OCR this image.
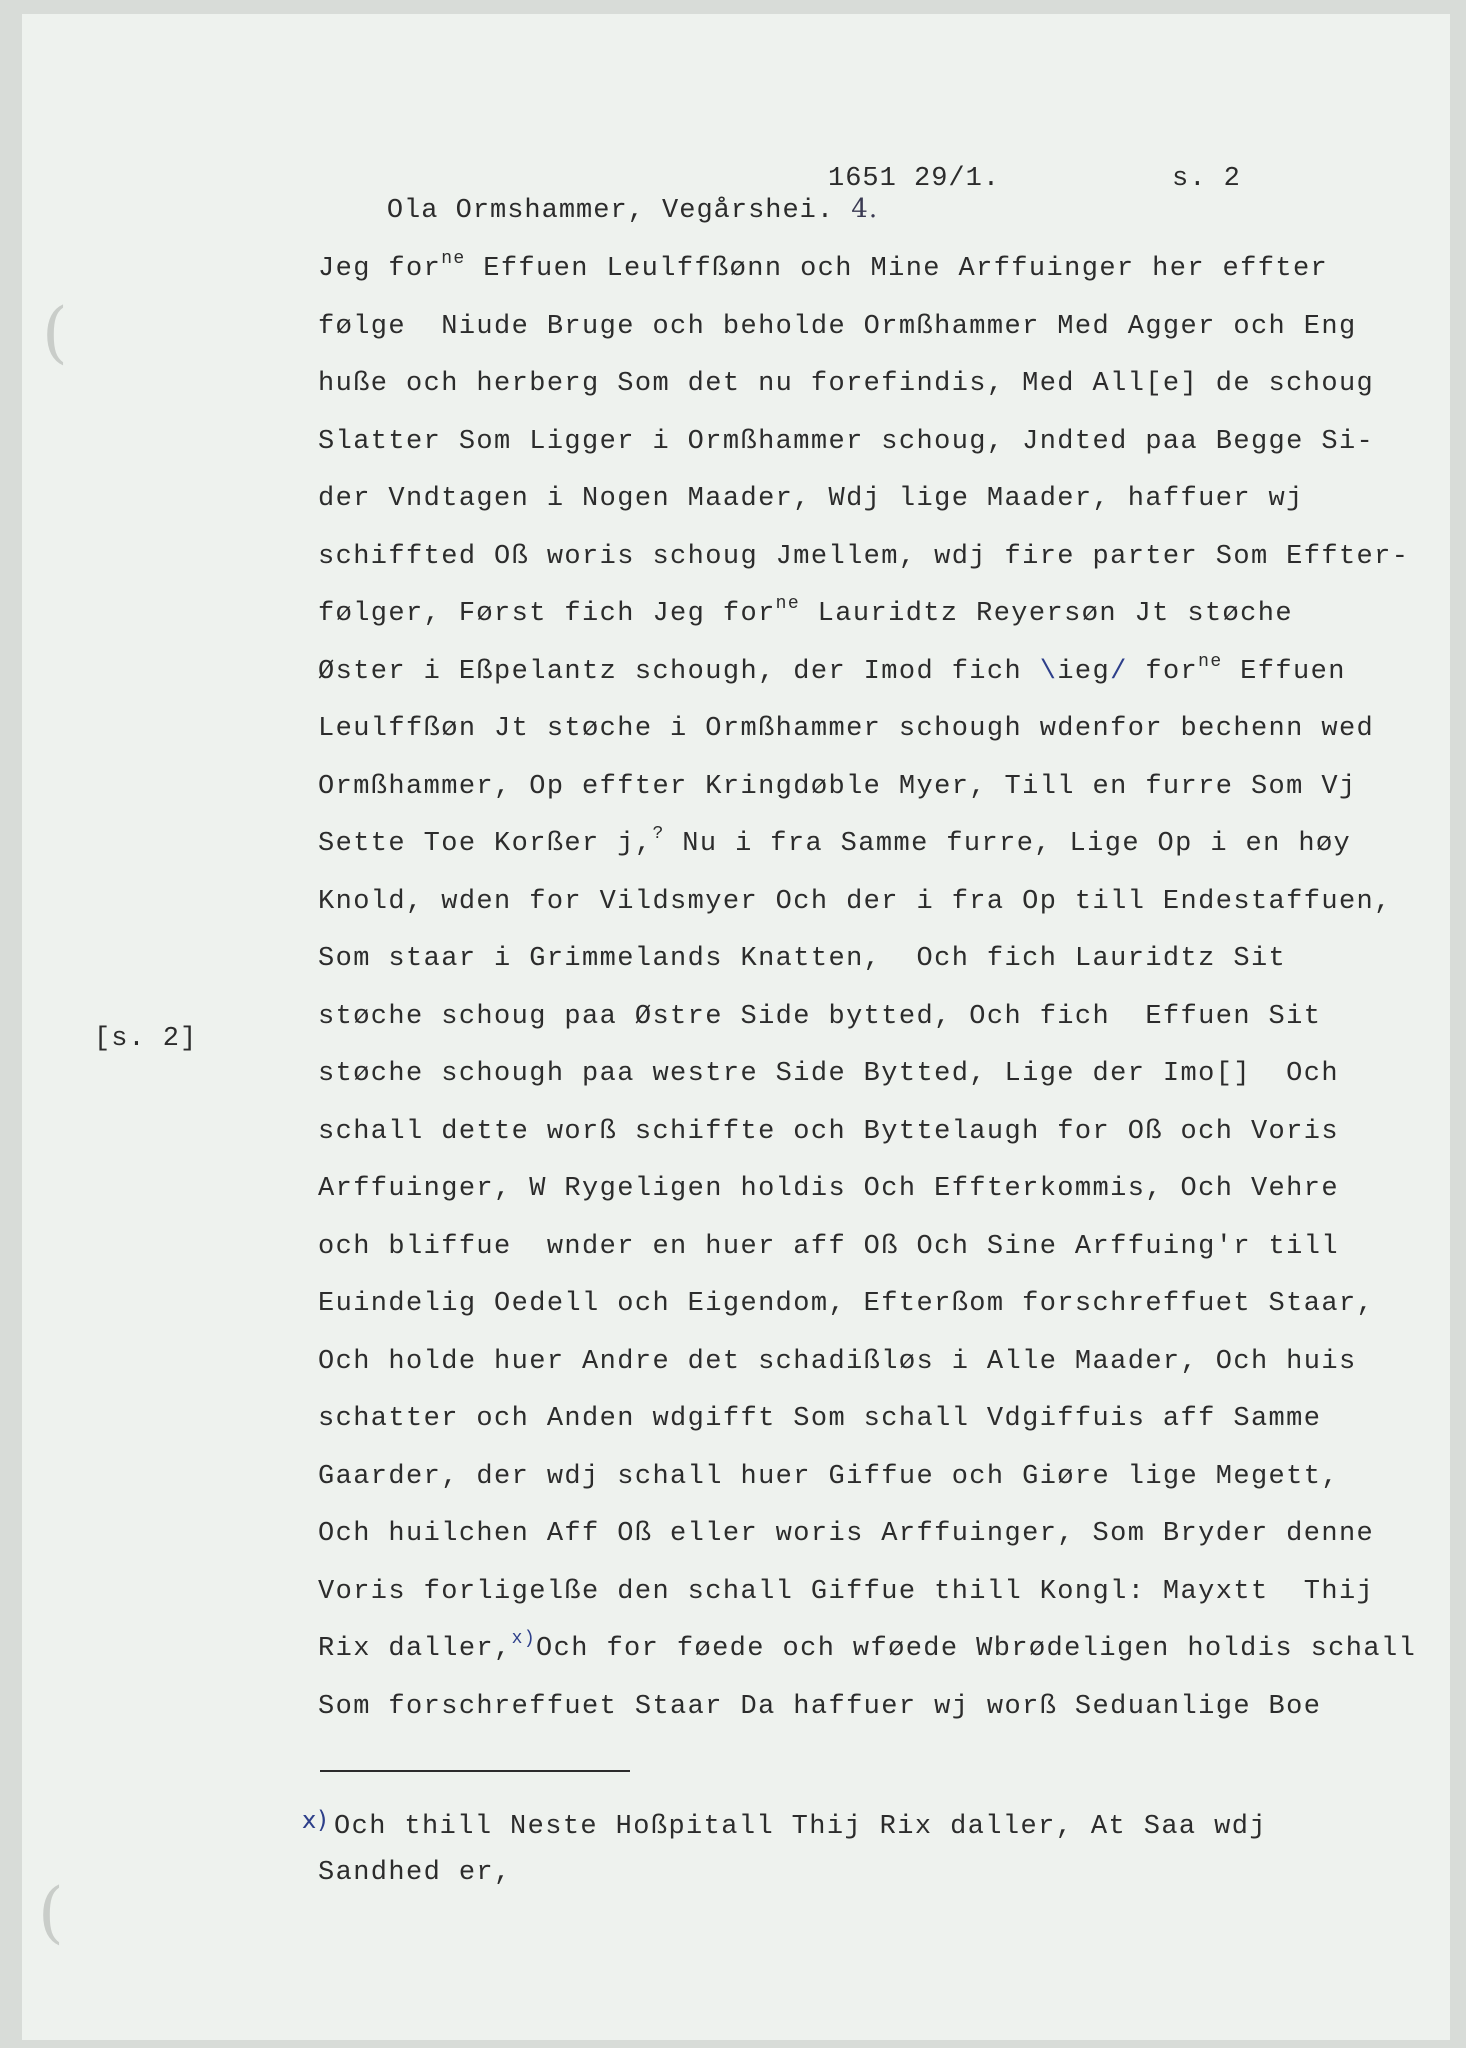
(
(

Ola Ormshammer, Vegårshei. 4.

1651 29/1.	s. 2
[s. 2]
Jeg for$^{ne}$ Effuen Leulffßønn och Mine Arffuinger her effter
følge  Niude Bruge och beholde Ormßhammer Med Agger och Eng
huße och herberg Som det nu forefindis, Med All[e] de schoug
Slatter Som Ligger i Ormßhammer schoug, Jndted paa Begge Si-
der Vndtagen i Nogen Maader, Wdj lige Maader, haffuer wj
schiffted Oß woris schoug Jmellem, wdj fire parter Som Effter-
følger, Først fich Jeg for$^{ne}$ Lauridtz Reyersøn Jt støche
Øster i Eßpelantz schough, der Imod fich \ieg/ for$^{ne}$ Effuen
Leulffßøn Jt støche i Ormßhammer schough wdenfor bechenn wed
Ormßhammer, Op effter Kringdøble Myer, Till en furre Som Vj
Sette Toe Korßer j,? Nu i fra Samme furre, Lige Op i en høy
Knold, wden for Vildsmyer Och der i fra Op till Endestaffuen,
Som staar i Grimmelands Knatten,  Och fich Lauridtz Sit
støche schoug paa Østre Side bytted, Och fich  Effuen Sit
støche schough paa westre Side Bytted, Lige der Imo[]  Och
schall dette worß schiffte och Byttelaugh for Oß och Voris
Arffuinger, W Rygeligen holdis Och Effterkommis, Och Vehre
och bliffue  wnder en huer aff Oß Och Sine Arffuing'r till
Euindelig Oedell och Eigendom, Efterßom forschreffuet Staar,
Och holde huer Andre det schadißløs i Alle Maader, Och huis
schatter och Anden wdgifft Som schall Vdgiffuis aff Samme
Gaarder, der wdj schall huer Giffue och Giøre lige Megett,
Och huilchen Aff Oß eller woris Arffuinger, Som Bryder denne
Voris forligelße den schall Giffue thill Kongl: Mayxtt  Thij
Rix daller,$^{x)}$Och for føede och wføede Wbrødeligen holdis schall
Som forschreffuet Staar Da haffuer wj worß Seduanlige Boe
x) Och thill Neste Hoßpitall Thij Rix daller, At Saa wdj
Sandhed er,
